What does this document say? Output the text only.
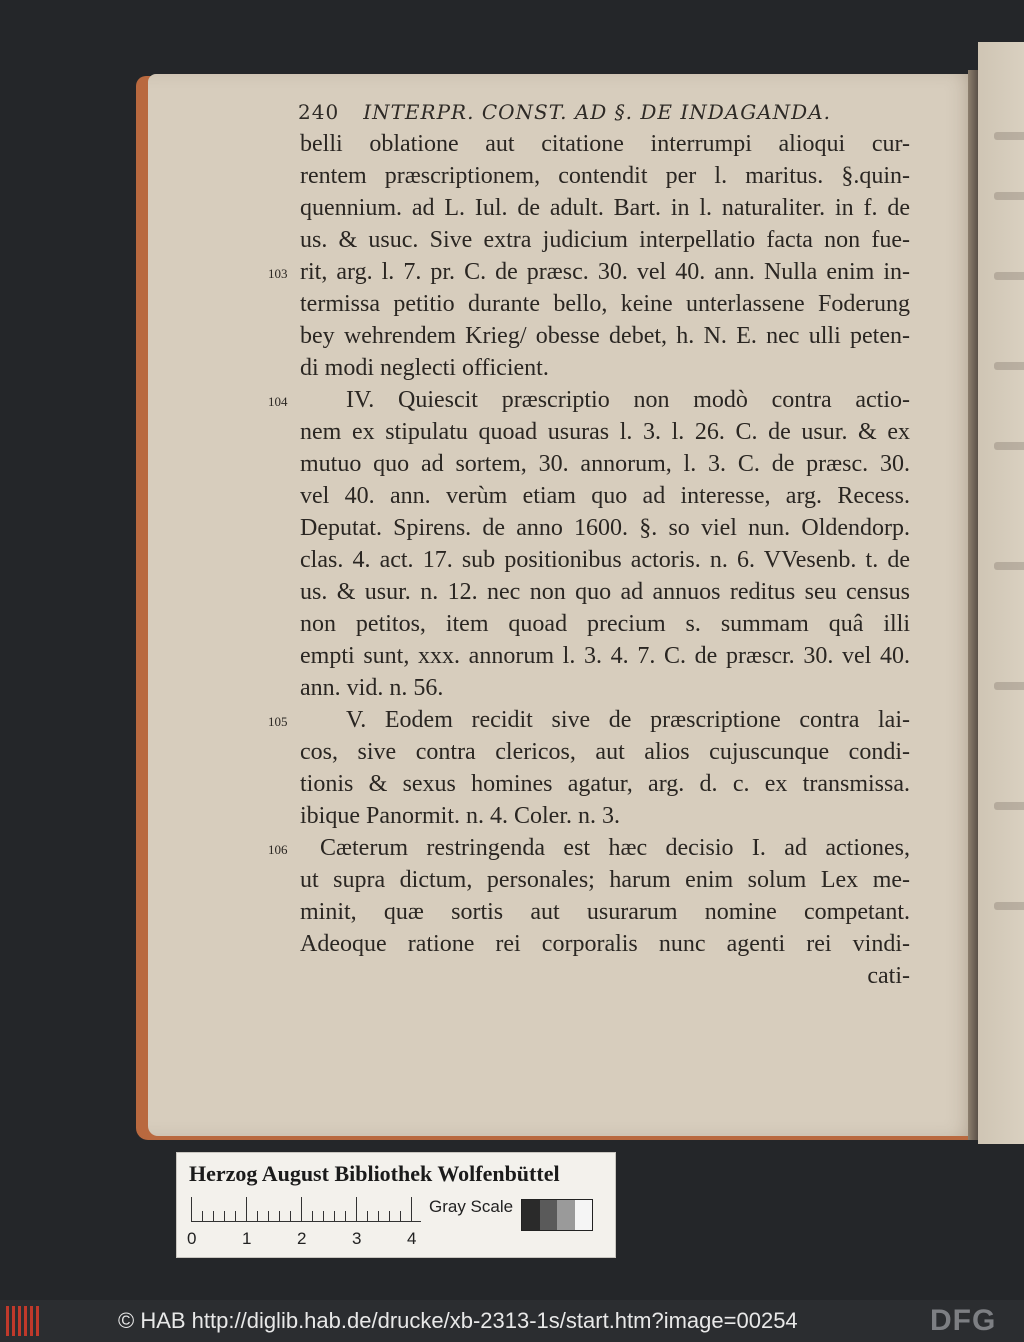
240 INTERPR. CONST. AD §. DE INDAGANDA.
belli oblatione aut citatione interrumpi alioqui cur-
rentem præscriptionem, contendit per l. maritus. §.quin-
quennium. ad L. Iul. de adult. Bart. in l. naturaliter. in f. de
us. & usuc. Sive extra judicium interpellatio facta non fue-
rit, arg. l. 7. pr. C. de præsc. 30. vel 40. ann. Nulla enim in-
termissa petitio durante bello, keine unterlassene Foderung
bey wehrendem Krieg/ obesse debet, h. N. E. nec ulli peten-
di modi neglecti officient.
IV. Quiescit præscriptio non modò contra actio-
nem ex stipulatu quoad usuras l. 3. l. 26. C. de usur. & ex
mutuo quo ad sortem, 30. annorum, l. 3. C. de præsc. 30.
vel 40. ann. verùm etiam quo ad interesse, arg. Recess.
Deputat. Spirens. de anno 1600. §. so viel nun. Oldendorp.
clas. 4. act. 17. sub positionibus actoris. n. 6. VVesenb. t. de
us. & usur. n. 12. nec non quo ad annuos reditus seu census
non petitos, item quoad precium s. summam quâ illi
empti sunt, xxx. annorum l. 3. 4. 7. C. de præscr. 30. vel 40.
ann. vid. n. 56.
V. Eodem recidit sive de præscriptione contra lai-
cos, sive contra clericos, aut alios cujuscunque condi-
tionis & sexus homines agatur, arg. d. c. ex transmissa.
ibique Panormit. n. 4. Coler. n. 3.
Cæterum restringenda est hæc decisio I. ad actiones,
ut supra dictum, personales; harum enim solum Lex me-
minit, quæ sortis aut usurarum nomine competant.
Adeoque ratione rei corporalis nunc agenti rei vindi-
cati-
103
104
105
106
Herzog August Bibliothek Wolfenbüttel
0	1	2	3	4
Gray Scale
© HAB http://diglib.hab.de/drucke/xb-2313-1s/start.htm?image=00254	DFG
